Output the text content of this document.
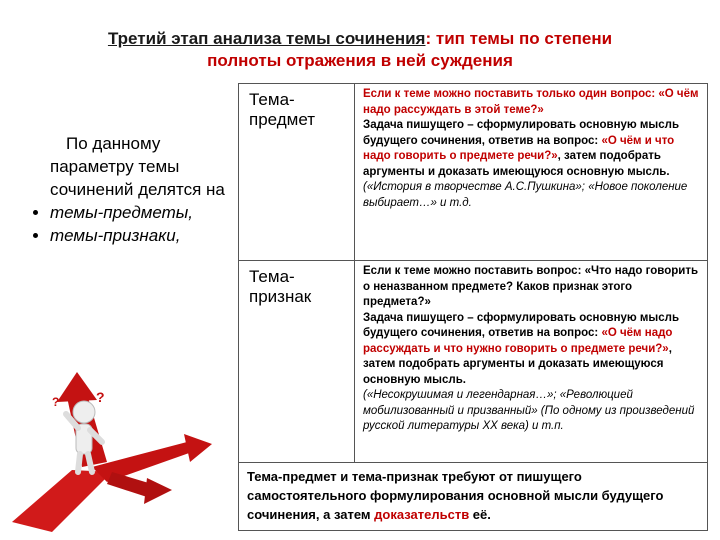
Третий этап анализа темы сочинения: тип темы по степени
полноты отражения в ней суждения
По данному параметру темы сочинений делятся на
• темы-предметы,
• темы-признаки,
?
?
?
Тема-предмет	Если к теме можно поставить только один вопрос: «О чём надо рассуждать в этой теме?»

Задача пишущего – сформулировать основную мысль будущего сочинения, ответив на вопрос: «О чём и что надо говорить о предмете речи?», затем подобрать аргументы и доказать имеющуюся основную мысль.

(«История в творчестве А.С.Пушкина»; «Новое поколение выбирает…» и т.д.

Тема-признак	Если к теме можно поставить вопрос: «Что надо говорить о неназванном предмете? Каков признак этого предмета?»

Задача пишущего – сформулировать основную мысль будущего сочинения, ответив на вопрос: «О чём надо рассуждать и что нужно говорить о предмете речи?», затем подобрать аргументы и доказать имеющуюся основную мысль.

(«Несокрушимая и легендарная…»; «Революцией мобилизованный и призванный» (По одному из произведений русской литературы XX века) и т.п.

Тема-предмет и тема-признак требуют от пишущего самостоятельного формулирования основной мысли будущего сочинения, а затем доказательств её.	
